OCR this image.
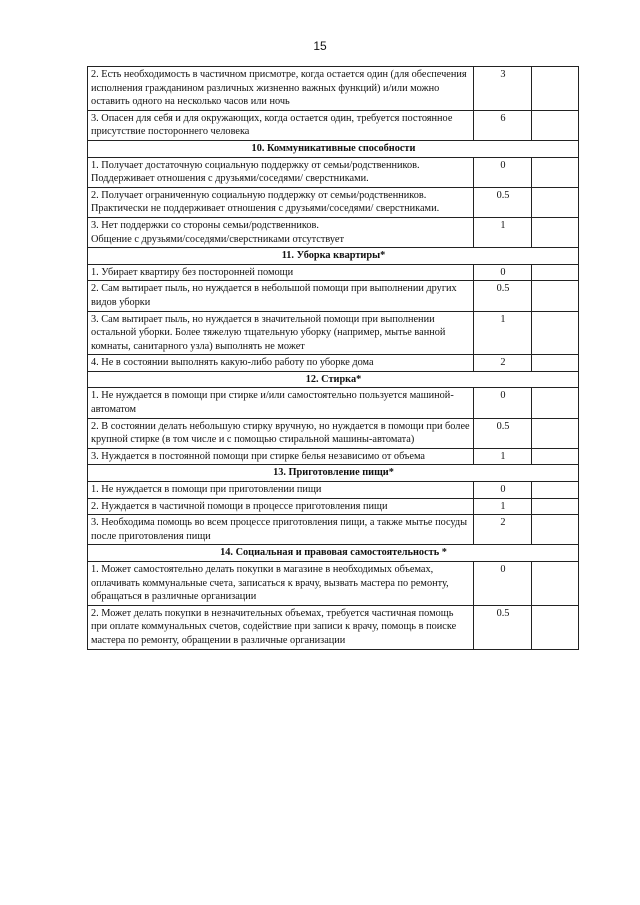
15
2. Есть необходимость в частичном присмотре, когда остается один (для обеспечения исполнения гражданином различных жизненно важных функций) и/или можно оставить одного на несколько часов или ночь	3	
3. Опасен для себя и для окружающих, когда остается один, требуется постоянное присутствие постороннего человека	6	
10. Коммуникативные способности		
1. Получает достаточную социальную поддержку от семьи/родственников.
Поддерживает отношения с друзьями/соседями/ сверстниками.	0	
2. Получает ограниченную социальную поддержку от семьи/родственников.
Практически не поддерживает отношения с друзьями/соседями/ сверстниками.	0.5	
3. Нет поддержки со стороны семьи/родственников.
Общение с друзьями/соседями/сверстниками отсутствует	1	
11. Уборка квартиры*		
1. Убирает квартиру без посторонней помощи	0	
2. Сам вытирает пыль, но нуждается в небольшой помощи при выполнении других видов уборки	0.5	
3. Сам вытирает пыль, но нуждается в значительной помощи при выполнении остальной уборки. Более тяжелую тщательную уборку (например, мытье ванной комнаты, санитарного узла) выполнять не может	1	
4. Не в состоянии выполнять какую-либо работу по уборке дома	2	
12. Стирка*		
1. Не нуждается в помощи при стирке и/или самостоятельно пользуется машиной-автоматом	0	
2. В состоянии делать небольшую стирку вручную, но нуждается в помощи при более крупной стирке (в том числе и с помощью стиральной машины-автомата)	0.5	
3. Нуждается в постоянной помощи при стирке белья независимо от объема	1	
13. Приготовление пищи*		
1. Не нуждается в помощи при приготовлении пищи	0	
2. Нуждается в частичной помощи в процессе приготовления пищи	1	
3. Необходима помощь во всем процессе приготовления пищи, а также мытье посуды после приготовления пищи	2	
14. Социальная и правовая самостоятельность *		
1. Может самостоятельно делать покупки в магазине в необходимых объемах, оплачивать коммунальные счета, записаться к врачу, вызвать мастера по ремонту, обращаться в различные организации	0	
2. Может делать покупки в незначительных объемах, требуется частичная помощь при оплате коммунальных счетов, содействие при записи к врачу, помощь в поиске мастера по ремонту, обращении в различные организации	0.5	
